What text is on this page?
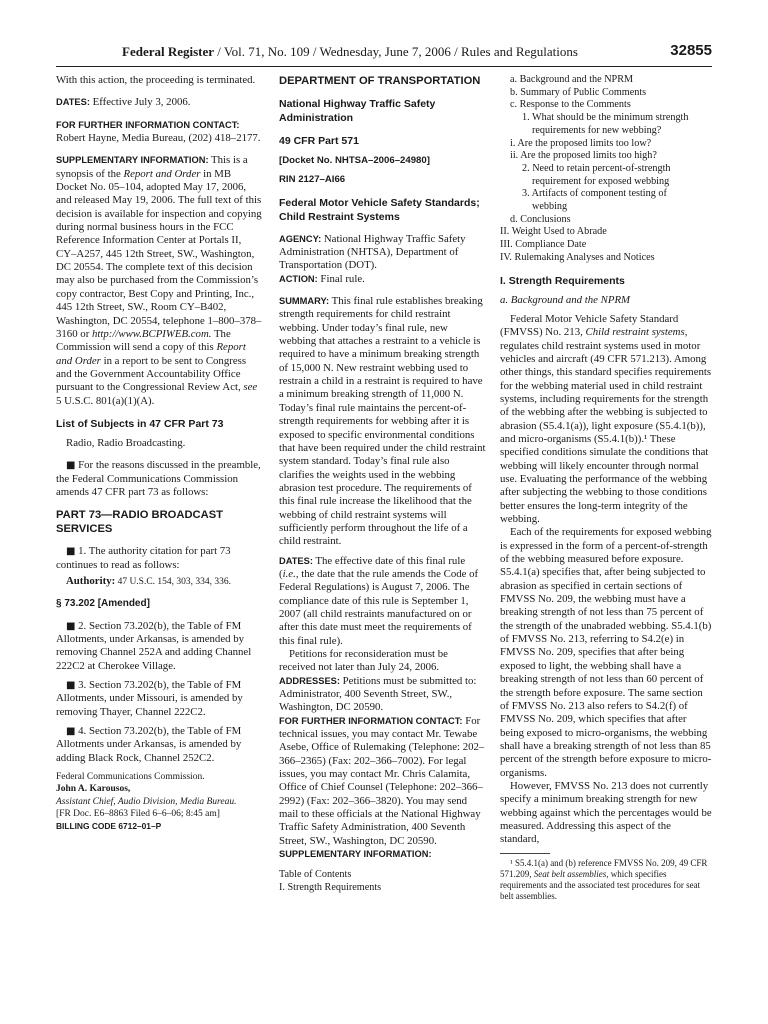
Federal Register / Vol. 71, No. 109 / Wednesday, June 7, 2006 / Rules and Regulations	32855

With this action, the proceeding is terminated.

DATES: Effective July 3, 2006.

FOR FURTHER INFORMATION CONTACT:

Robert Hayne, Media Bureau, (202) 418–2177.

SUPPLEMENTARY INFORMATION: This is a synopsis of the Report and Order in MB Docket No. 05–104, adopted May 17, 2006, and released May 19, 2006. The full text of this decision is available for inspection and copying during normal business hours in the FCC Reference Information Center at Portals II, CY–A257, 445 12th Street, SW., Washington, DC 20554. The complete text of this decision may also be purchased from the Commission’s copy contractor, Best Copy and Printing, Inc., 445 12th Street, SW., Room CY–B402, Washington, DC 20554, telephone 1–800–378–3160 or http://www.BCPIWEB.com. The Commission will send a copy of this Report and Order in a report to be sent to Congress and the Government Accountability Office pursuant to the Congressional Review Act, see 5 U.S.C. 801(a)(1)(A).

List of Subjects in 47 CFR Part 73

Radio, Radio Broadcasting.

■ For the reasons discussed in the preamble, the Federal Communications Commission amends 47 CFR part 73 as follows:

PART 73—RADIO BROADCAST SERVICES

■ 1. The authority citation for part 73 continues to read as follows:

Authority: 47 U.S.C. 154, 303, 334, 336.

§ 73.202 [Amended]

■ 2. Section 73.202(b), the Table of FM Allotments, under Arkansas, is amended by removing Channel 252A and adding Channel 222C2 at Cherokee Village.

■ 3. Section 73.202(b), the Table of FM Allotments, under Missouri, is amended by removing Thayer, Channel 222C2.

■ 4. Section 73.202(b), the Table of FM Allotments under Arkansas, is amended by adding Black Rock, Channel 252C2.

Federal Communications Commission.

John A. Karousos,

Assistant Chief, Audio Division, Media Bureau.

[FR Doc. E6–8863 Filed 6–6–06; 8:45 am]

BILLING CODE 6712–01–P

DEPARTMENT OF TRANSPORTATION

National Highway Traffic Safety Administration

49 CFR Part 571

[Docket No. NHTSA–2006–24980]

RIN 2127–AI66

Federal Motor Vehicle Safety Standards; Child Restraint Systems

AGENCY: National Highway Traffic Safety Administration (NHTSA), Department of Transportation (DOT).

ACTION: Final rule.

SUMMARY: This final rule establishes breaking strength requirements for child restraint webbing. Under today’s final rule, new webbing that attaches a restraint to a vehicle is required to have a minimum breaking strength of 15,000 N. New restraint webbing used to restrain a child in a restraint is required to have a minimum breaking strength of 11,000 N. Today’s final rule maintains the percent-of-strength requirements for webbing after it is exposed to specific environmental conditions that have been required under the child restraint system standard. Today’s final rule also clarifies the weights used in the webbing abrasion test procedure. The requirements of this final rule increase the likelihood that the webbing of child restraint systems will sufficiently perform throughout the life of a child restraint.

DATES: The effective date of this final rule (i.e., the date that the rule amends the Code of Federal Regulations) is August 7, 2006. The compliance date of this rule is September 1, 2007 (all child restraints manufactured on or after this date must meet the requirements of this final rule).

Petitions for reconsideration must be received not later than July 24, 2006.

ADDRESSES: Petitions must be submitted to: Administrator, 400 Seventh Street, SW., Washington, DC 20590.

FOR FURTHER INFORMATION CONTACT: For technical issues, you may contact Mr. Tewabe Asebe, Office of Rulemaking (Telephone: 202–366–2365) (Fax: 202–366–7002). For legal issues, you may contact Mr. Chris Calamita, Office of Chief Counsel (Telephone: 202–366–2992) (Fax: 202–366–3820). You may send mail to these officials at the National Highway Traffic Safety Administration, 400 Seventh Street, SW., Washington, DC 20590.

SUPPLEMENTARY INFORMATION:

Table of Contents

I. Strength Requirements

a. Background and the NPRM
b. Summary of Public Comments
c. Response to the Comments
1. What should be the minimum strength
requirements for new webbing?
i. Are the proposed limits too low?
ii. Are the proposed limits too high?
2. Need to retain percent-of-strength
requirement for exposed webbing
3. Artifacts of component testing of
webbing
d. Conclusions
II. Weight Used to Abrade
III. Compliance Date
IV. Rulemaking Analyses and Notices

I. Strength Requirements

a. Background and the NPRM

Federal Motor Vehicle Safety Standard (FMVSS) No. 213, Child restraint systems, regulates child restraint systems used in motor vehicles and aircraft (49 CFR 571.213). Among other things, this standard specifies requirements for the webbing material used in child restraint systems, including requirements for the strength of the webbing after the webbing is subjected to abrasion (S5.4.1(a)), light exposure (S5.4.1(b)), and micro-organisms (S5.4.1(b)).¹ These specified conditions simulate the conditions that webbing will likely encounter through normal use. Evaluating the performance of the webbing after subjecting the webbing to those conditions better ensures the long-term integrity of the webbing.

Each of the requirements for exposed webbing is expressed in the form of a percent-of-strength of the webbing measured before exposure. S5.4.1(a) specifies that, after being subjected to abrasion as specified in certain sections of FMVSS No. 209, the webbing must have a breaking strength of not less than 75 percent of the strength of the unabraded webbing. S5.4.1(b) of FMVSS No. 213, referring to S4.2(e) in FMVSS No. 209, specifies that after being exposed to light, the webbing shall have a breaking strength of not less than 60 percent of the strength before exposure. The same section of FMVSS No. 213 also refers to S4.2(f) of FMVSS No. 209, which specifies that after being exposed to micro-organisms, the webbing shall have a breaking strength of not less than 85 percent of the strength before exposure to micro-organisms.

However, FMVSS No. 213 does not currently specify a minimum breaking strength for new webbing against which the percentages would be measured. Addressing this aspect of the standard,

¹ S5.4.1(a) and (b) reference FMVSS No. 209, 49 CFR 571.209, Seat belt assemblies, which specifies requirements and the associated test procedures for seat belt assemblies.
